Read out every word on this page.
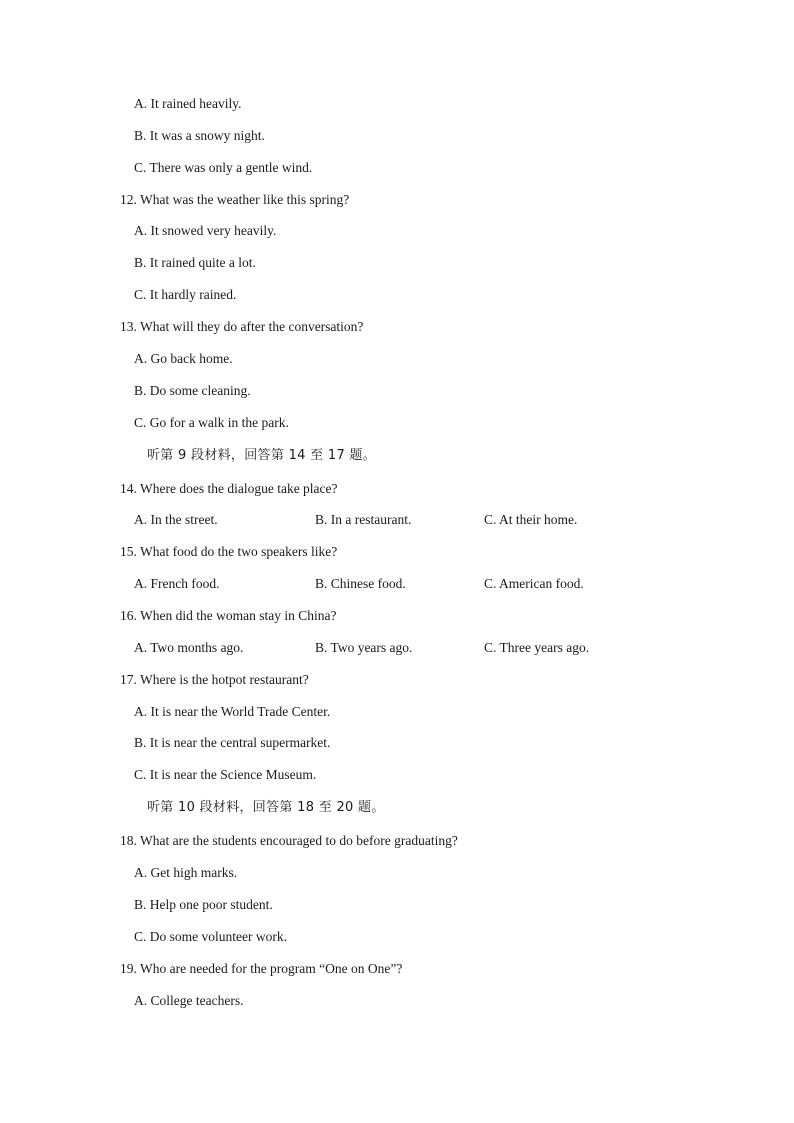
A. It rained heavily.
B. It was a snowy night.
C. There was only a gentle wind.
12. What was the weather like this spring?
A. It snowed very heavily.
B. It rained quite a lot.
C. It hardly rained.
13. What will they do after the conversation?
A. Go back home.
B. Do some cleaning.
C. Go for a walk in the park.
听第 9 段材料，回答第 14 至 17 题。
14. Where does the dialogue take place?
A. In the street.	B. In a restaurant.	C. At their home.
15. What food do the two speakers like?
A. French food.	B. Chinese food.	C. American food.
16. When did the woman stay in China?
A. Two months ago.	B. Two years ago.	C. Three years ago.
17. Where is the hotpot restaurant?
A. It is near the World Trade Center.
B. It is near the central supermarket.
C. It is near the Science Museum.
听第 10 段材料，回答第 18 至 20 题。
18. What are the students encouraged to do before graduating?
A. Get high marks.
B. Help one poor student.
C. Do some volunteer work.
19. Who are needed for the program “One on One”?
A. College teachers.
